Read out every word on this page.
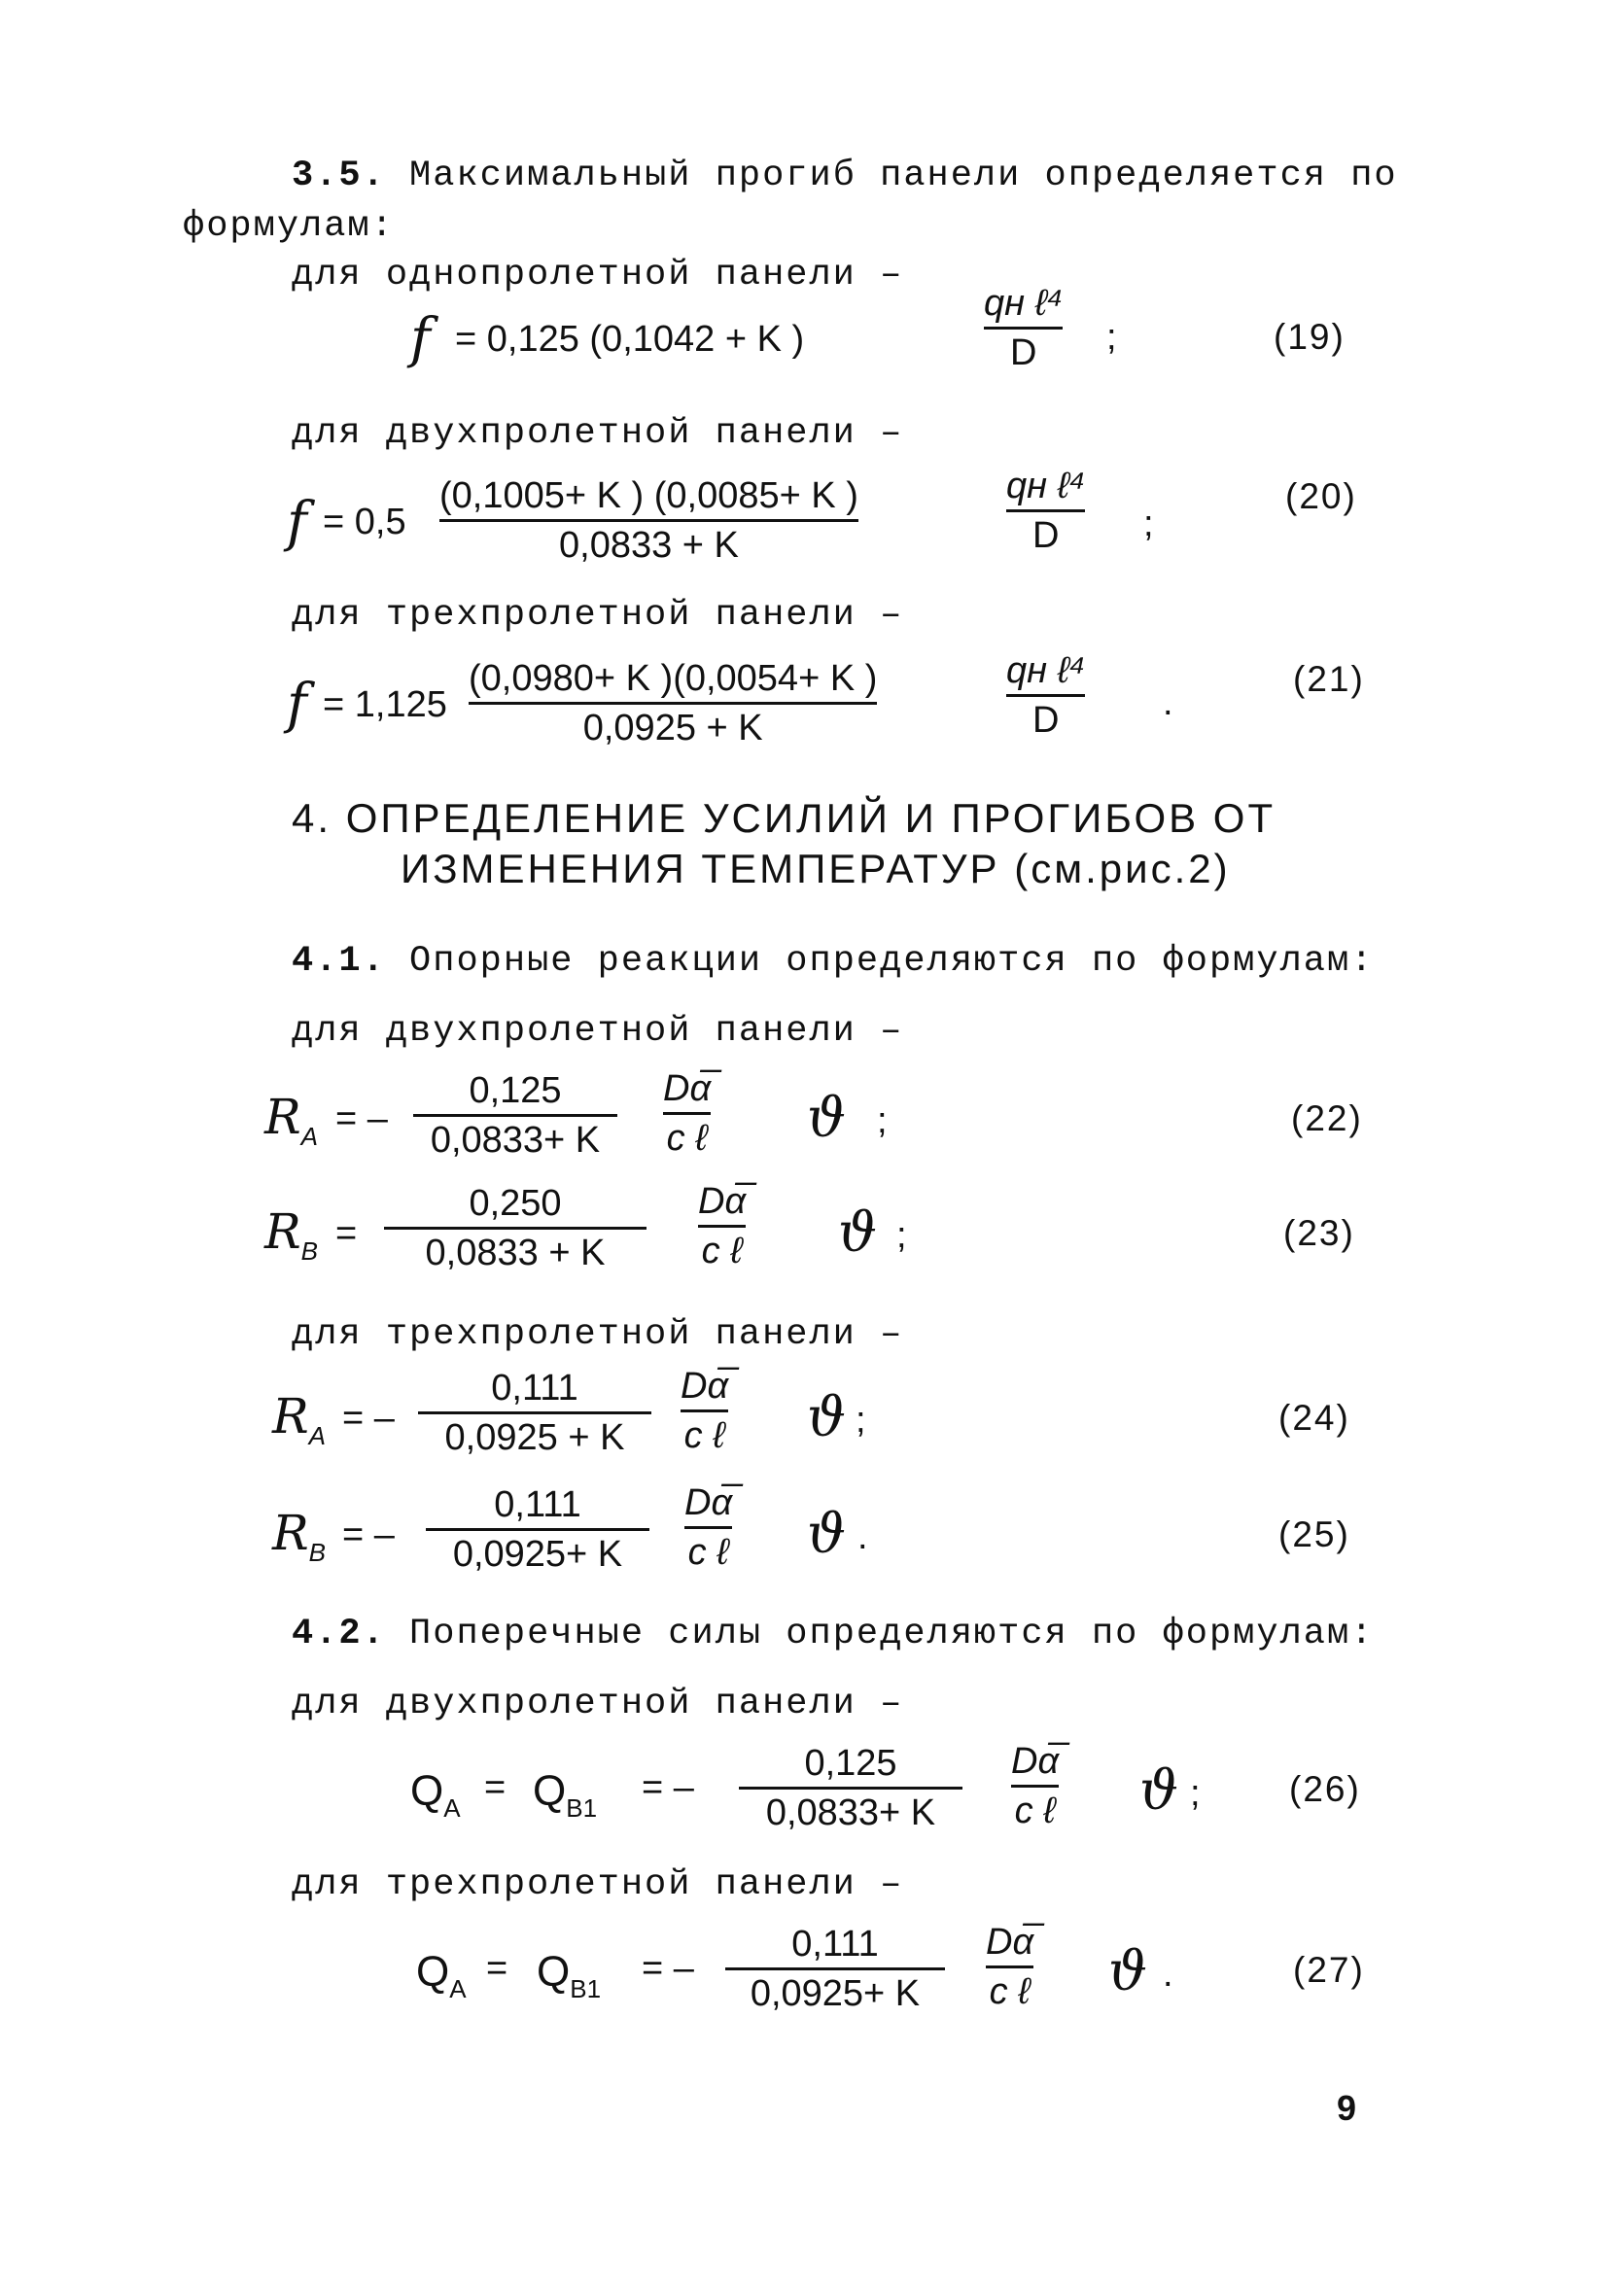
3.5. Максимальный прогиб панели определяется по
формулам:
для однопролетной панели –
f = 0,125 (0,1042 + K )
qн ℓ⁴
D ;	(19)
для двухпролетной панели –
f = 0,5
(0,1005+ K ) (0,0085+ K )
0,0833 + K
qн ℓ⁴
D ;
(20)
для трехпролетной панели –
f = 1,125
(0,0980+ K )(0,0054+ K )
0,0925 + K
qн ℓ⁴
D	.
(21)
4. ОПРЕДЕЛЕНИЕ УСИЛИЙ И ПРОГИБОВ ОТ
ИЗМЕНЕНИЯ ТЕМПЕРАТУР (см.рис.2)
4.1. Опорные реакции определяются по формулам:
для двухпролетной панели –
$R_A$ = –
0,125
0,0833+ K
Dα̅
c ℓ ϑ ;	(22)
$R_B$ =
0,250
0,0833 + K
Dα̅
c ℓ ϑ ;	(23)
для трехпролетной панели –
$R_A$ = –
0,111
0,0925 + K
Dα̅
c ℓ ϑ ;	(24)
$R_B$ = –
0,111
0,0925+ K
Dα̅
c ℓ ϑ .	(25)
4.2. Поперечные силы определяются по формулам:
для двухпролетной панели –
$Q_A = Q_{B1}$ = –
0,125
0,0833+ K
Dα̅
c ℓ ϑ ; (26)
для трехпролетной панели –
$Q_A = Q_{B1}$ = –
0,111
0,0925+ K
Dα̅
c ℓ ϑ .	(27)
9
